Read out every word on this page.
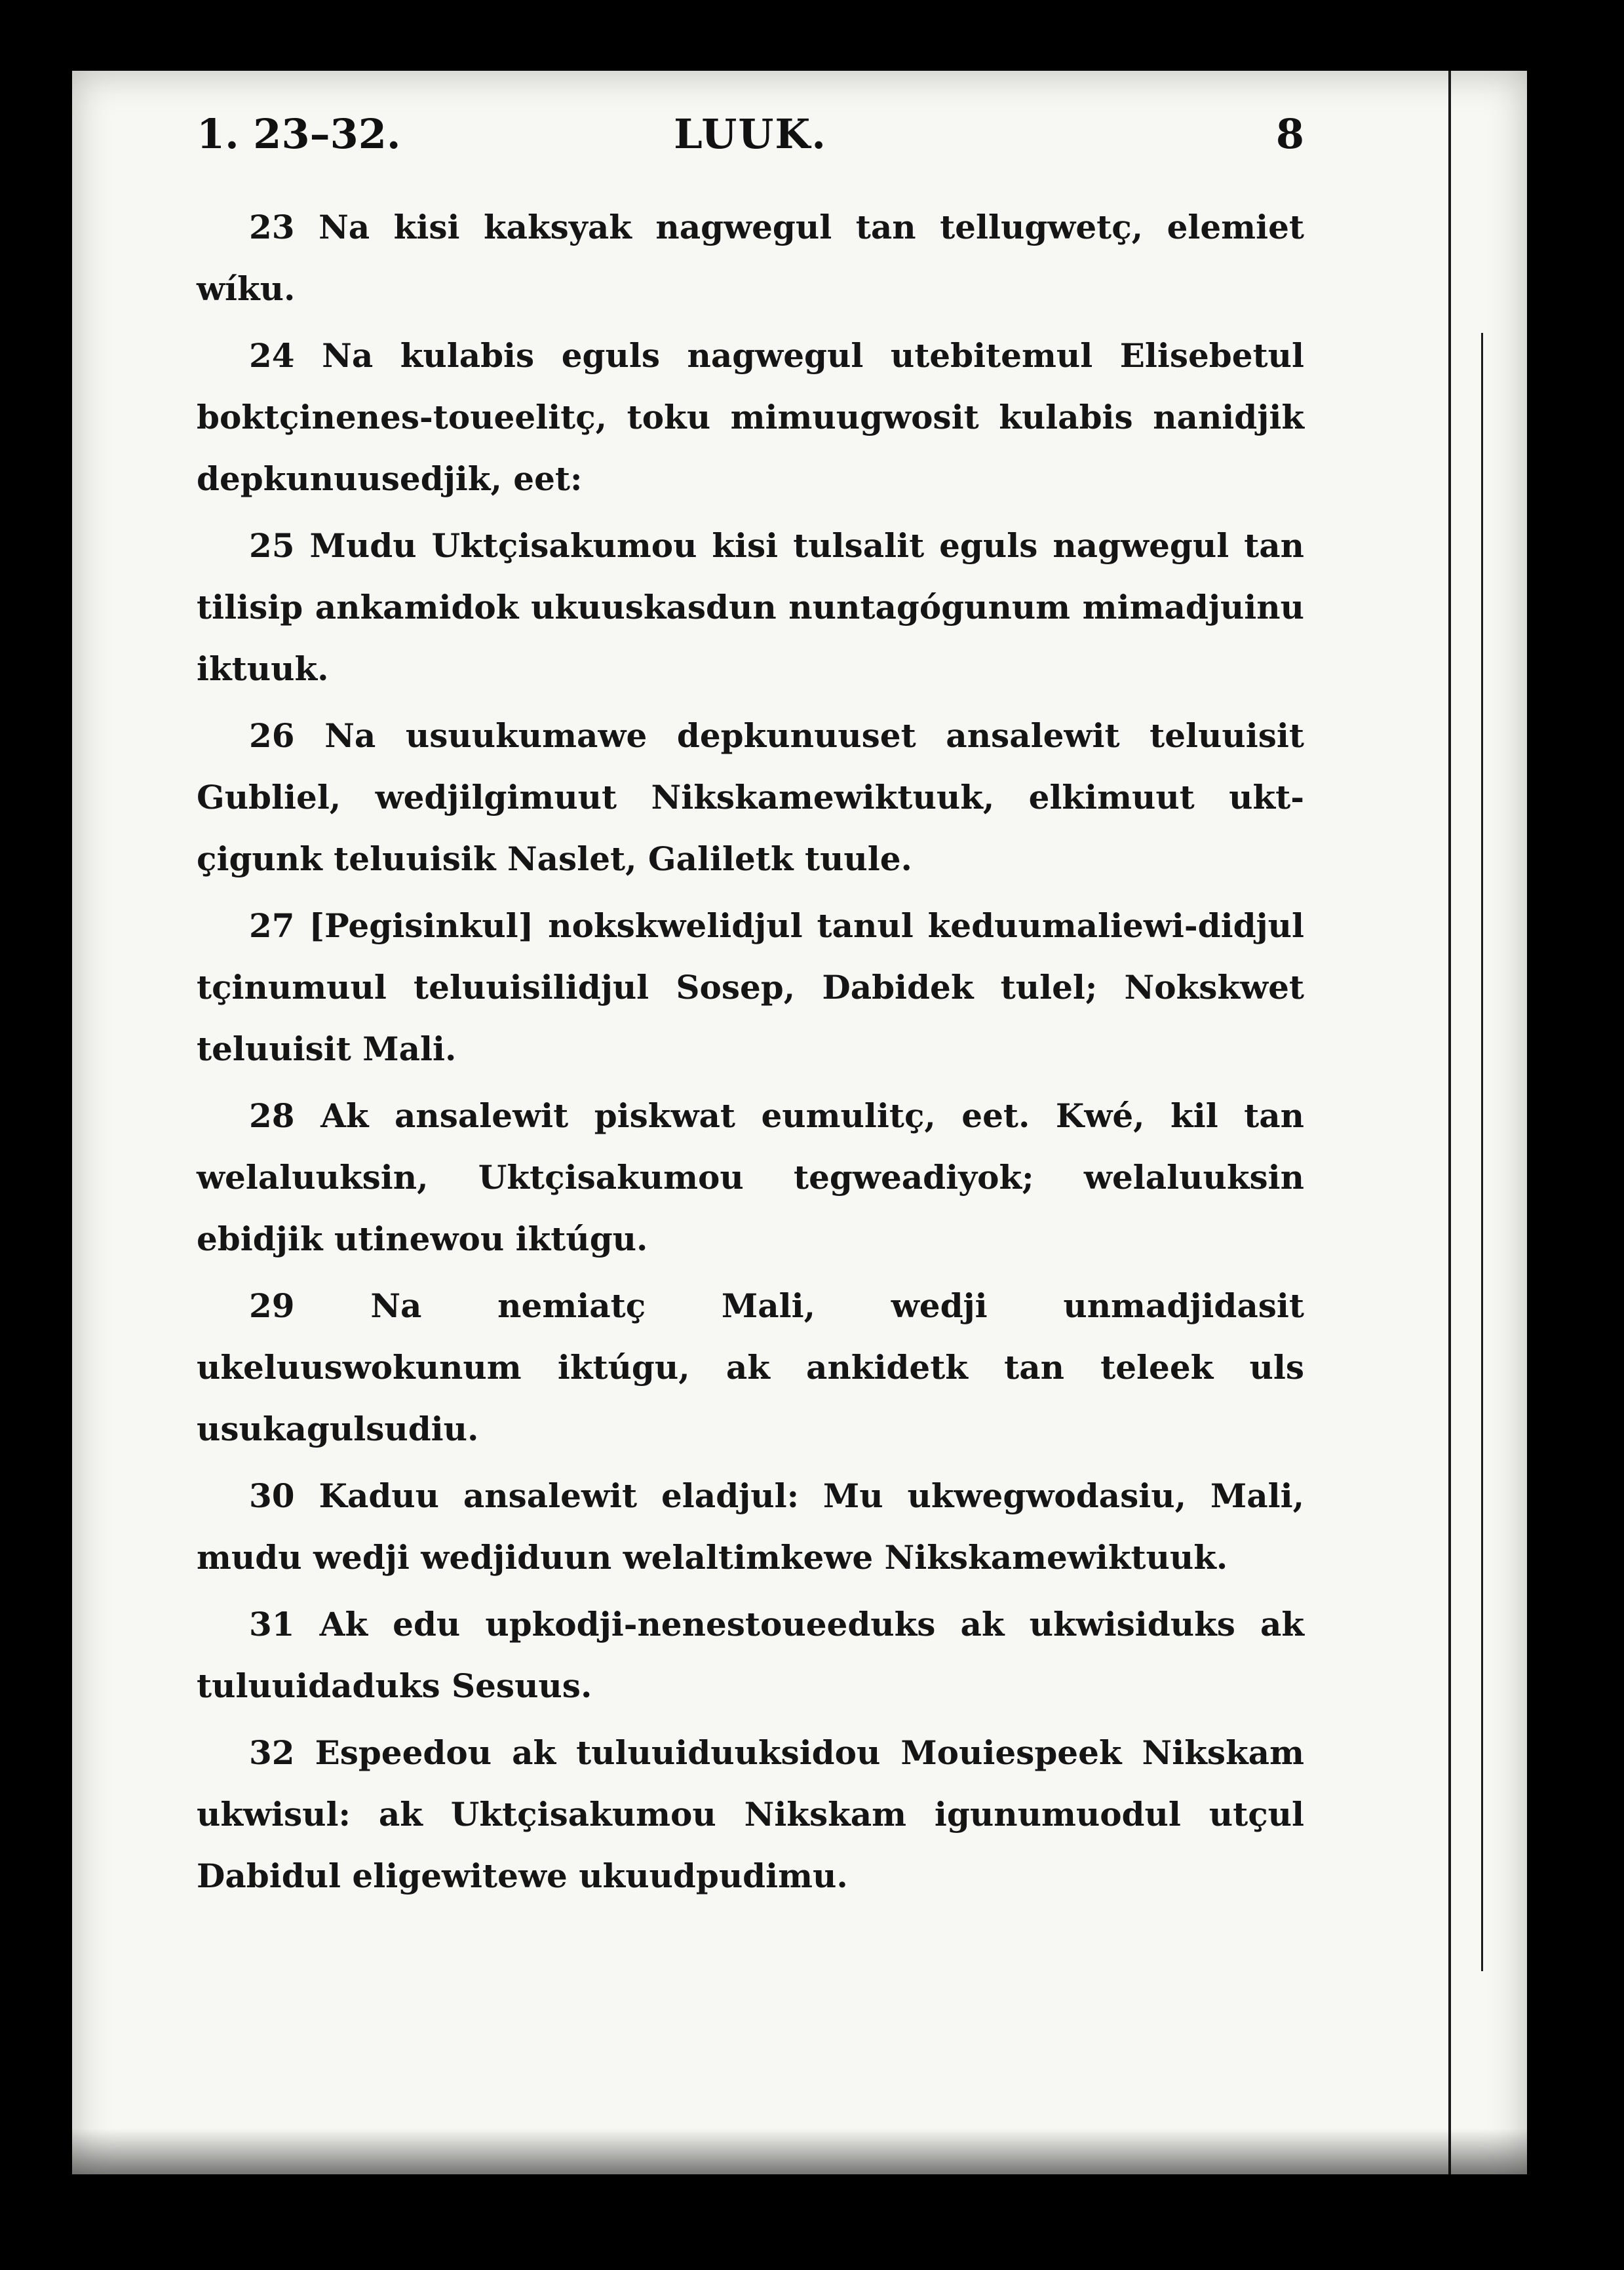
1. 23–32.	LUUK.	8

23 Na kisi kaksyak nagwegul tan tellugwetç, elemiet wíku.

24 Na kulabis eguls nagwegul utebitemul Elisebetul boktçinenes-toueelitç, toku mimuugwosit kulabis nanidjik depkunuusedjik, eet:

25 Mudu Uktçisakumou kisi tulsalit eguls nagwegul tan tilisip ankamidok ukuuskasdun nuntagógunum mimadjuinu iktuuk.

26 Na usuukumawe depkunuuset ansalewit teluuisit Gubliel, wedjilgimuut Nikskamewiktuuk, elkimuut uktçigunk teluuisik Naslet, Galiletk tuule.

27 [Pegisinkul] nokskwelidjul tanul keduumaliewi-didjul tçinumuul teluuisilidjul Sosep, Dabidek tulel; Nokskwet teluuisit Mali.

28 Ak ansalewit piskwat eumulitç, eet. Kwé, kil tan welaluuksin, Uktçisakumou tegweadiyok; welaluuksin ebidjik utinewou iktúgu.

29 Na nemiatç Mali, wedji unmadjidasit ukeluuswokunum iktúgu, ak ankidetk tan teleek uls usukagulsudiu.

30 Kaduu ansalewit eladjul: Mu ukwegwodasiu, Mali, mudu wedji wedjiduun welaltimkewe Nikskamewiktuuk.

31 Ak edu upkodji-nenestoueeduks ak ukwisiduks ak tuluuidaduks Sesuus.

32 Espeedou ak tuluuiduuksidou Mouiespeek Nikskam ukwisul: ak Uktçisakumou Nikskam igunumuodul utçul Dabidul eligewitewe ukuudpudimu.
